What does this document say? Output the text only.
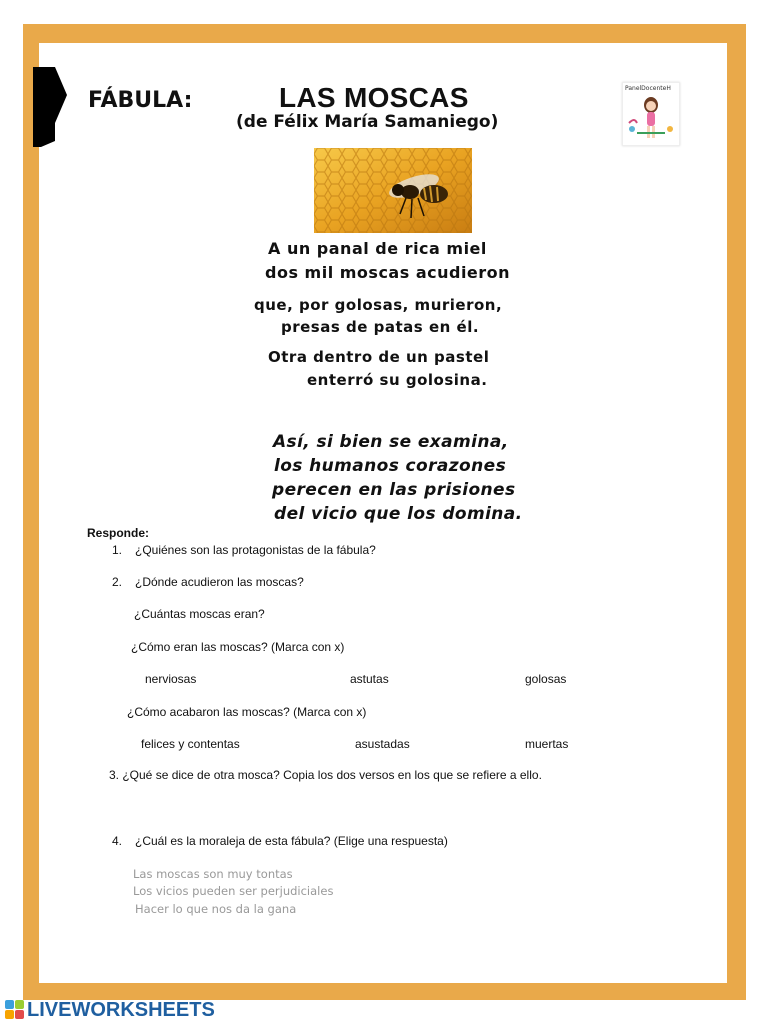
FÁBULA:	LAS MOSCAS
(de Félix María Samaniego)
PanelDocenteH
A un panal de rica miel
dos mil moscas acudieron
que, por golosas, murieron,
presas de patas en él.
Otra dentro de un pastel
enterró su golosina.
Así, si bien se examina,
los humanos corazones
perecen en las prisiones
del vicio que los domina.
Responde:
1. ¿Quiénes son las protagonistas de la fábula?
2. ¿Dónde acudieron las moscas?
¿Cuántas moscas eran?
¿Cómo eran las moscas? (Marca con x)
nerviosas	astutas	golosas
¿Cómo acabaron las moscas? (Marca con x)
felices y contentas	asustadas	muertas
3. ¿Qué se dice de otra mosca? Copia los dos versos en los que se refiere a ello.
4. ¿Cuál es la moraleja de esta fábula? (Elige una respuesta)
Las moscas son muy tontas
Los vicios pueden ser perjudiciales
Hacer lo que nos da la gana
LIVEWORKSHEETS
